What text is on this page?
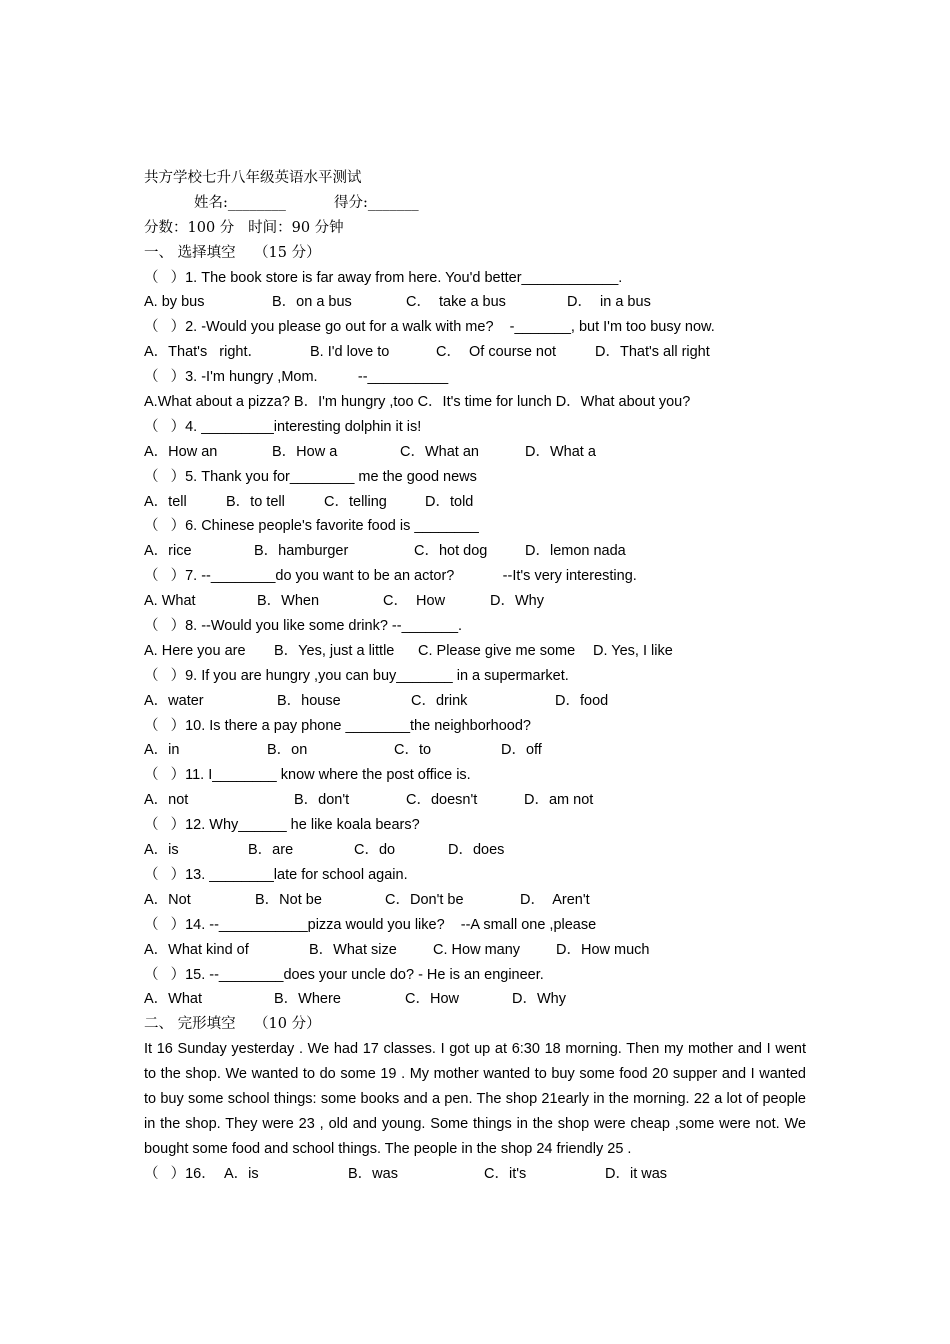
共方学校七升八年级英语水平测试

姓名:________

	得分:_______

分数：100 分   时间：90 分钟
一、 选择填空    （15 分）
（   ）1. The book store is far away from here. You'd better____________.

A. by bus

	B．on a bus

	C．  take a bus

	D．  in a bus

（   ）2. -Would you please go out for a walk with me?    -_______, but I'm too busy now.

A．That's   right．

	B. I'd love to

	C．  Of course not

	D．That's all right

（   ）3. -I'm hungry ,Mom.          --__________

A.What about a pizza? B．I'm hungry ,too C．It's time for lunch D．What about you?

（   ）4. _________interesting dolphin it is!

A．How an

	B．How a

	C．What an

	D．What a

（   ）5. Thank you for________ me the good news

A．tell

	B．to tell

	C．telling

	D．told

（   ）6. Chinese people's favorite food is ________

A．rice

	B．hamburger

	C．hot dog

	D．lemon nada

（   ）7. --________do you want to be an actor?            --It's very interesting.

A. What

	B．When

	C．  How

	D．Why

（   ）8. --Would you like some drink? --_______.

A. Here you are

B．Yes, just a little

C. Please give me some

D. Yes, I like

（   ）9. If you are hungry ,you can buy_______ in a supermarket.

A．water

	B．house

	C．drink

	D．food

（   ）10. Is there a pay phone ________the neighborhood?

A．in

	B．on

	C．to

	D．off

（   ）11. I________ know where the post office is.

A．not

	B．don't

	C．doesn't

	D．am not

（   ）12. Why______ he like koala bears?

A．is

	B．are

	C．do

	D．does

（   ）13. ________late for school again.

A．Not

	B．Not be

	C．Don't be

	D．  Aren't

（   ）14. --___________pizza would you like?    --A small one ,please

A．What kind of

	B．What size

C. How many

D．How much

（   ）15. --________does your uncle do? - He is an engineer.

A．What

	B．Where

	C．How

	D．Why

二、 完形填空    （10 分）
It 16 Sunday yesterday . We had 17 classes. I got up at 6:30 18 morning. Then my mother and I went to the shop. We wanted to do some 19 . My mother wanted to buy some food 20 supper and I wanted to buy some school things: some books and a pen. The shop 21early in the morning. 22 a lot of people in the shop. They were 23 , old and young. Some things in the shop were cheap ,some were not. We bought some food and school things. The people in the shop 24 friendly 25 .

（   ）16．

A．is

	B．was

	C．it's

	D．it was
